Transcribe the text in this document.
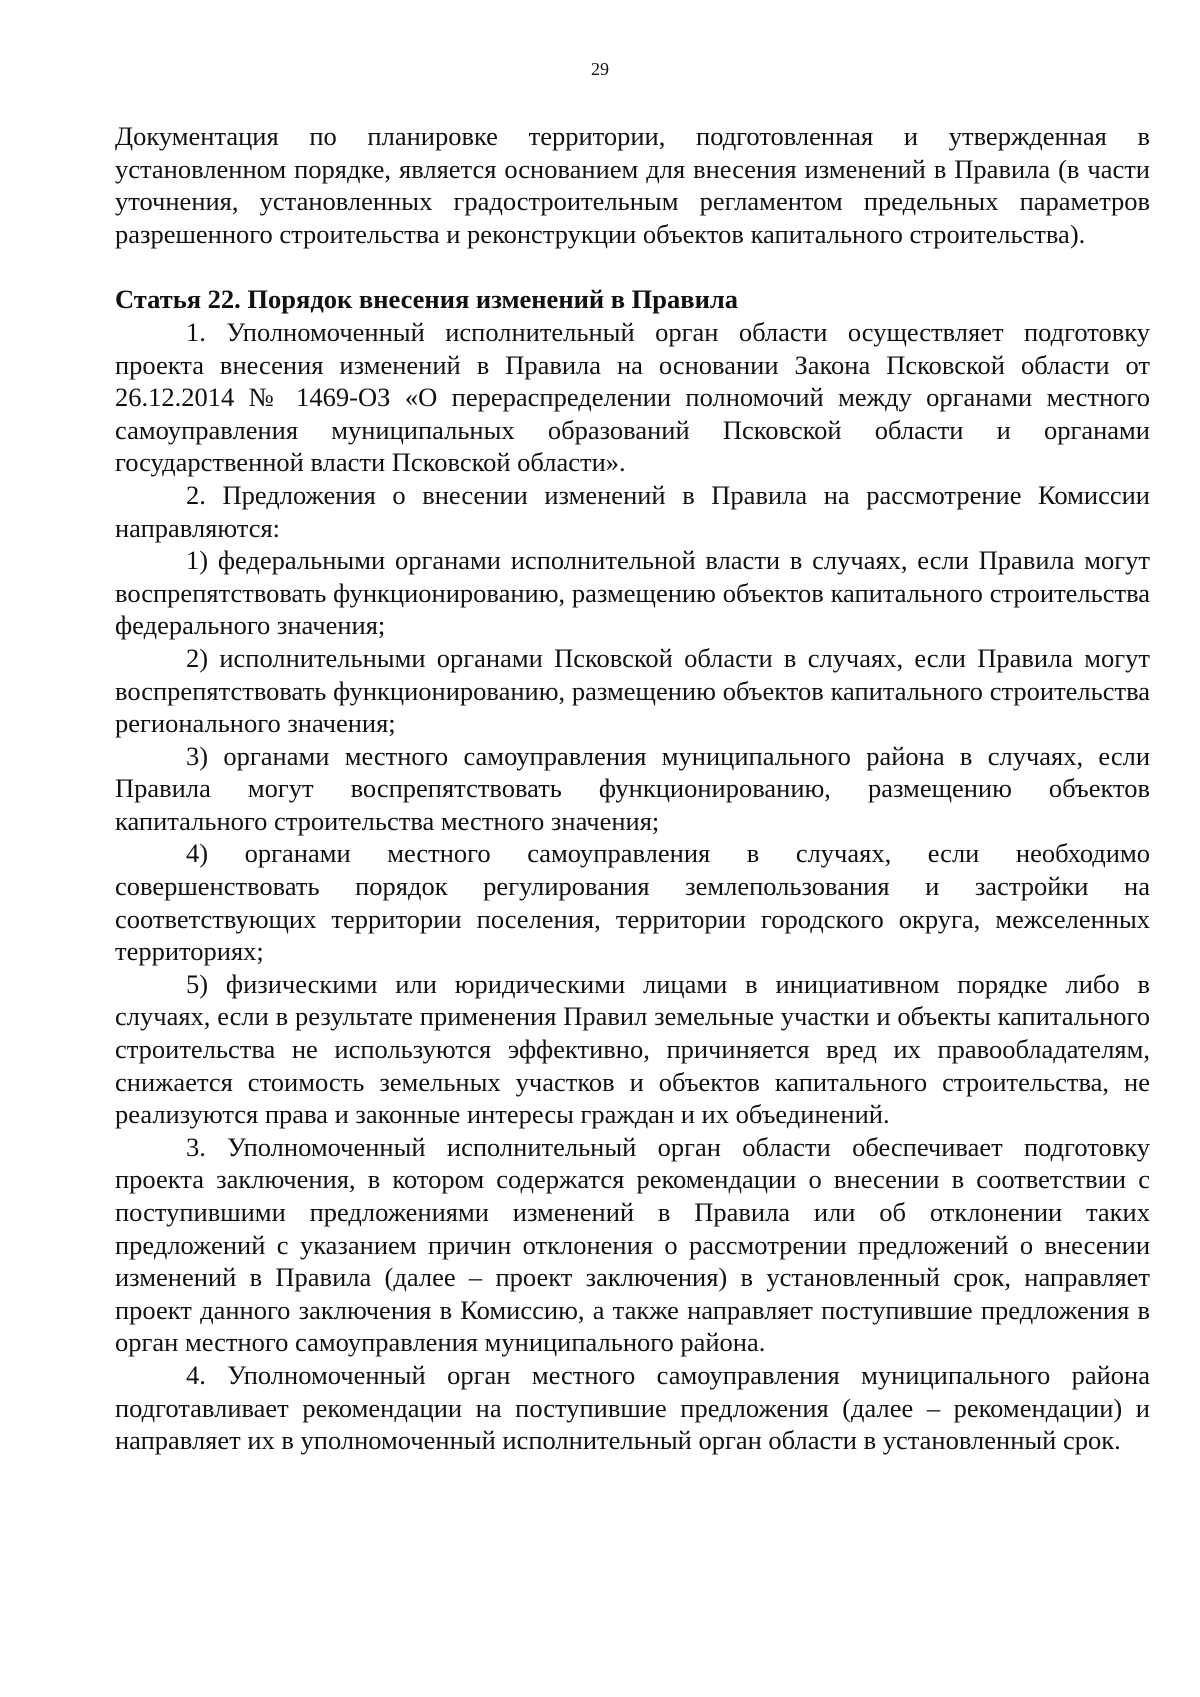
29

Документация по планировке территории, подготовленная и утвержденная в установленном порядке, является основанием для внесения изменений в Правила (в части уточнения, установленных градостроительным регламентом предельных параметров разрешенного строительства и реконструкции объектов капитального строительства).

Статья 22. Порядок внесения изменений в Правила

1. Уполномоченный исполнительный орган области осуществляет подготовку проекта внесения изменений в Правила на основании Закона Псковской области от 26.12.2014 № 1469-ОЗ «О перераспределении полномочий между органами местного самоуправления муниципальных образований Псковской области и органами государственной власти Псковской области».

2. Предложения о внесении изменений в Правила на рассмотрение Комиссии направляются:

1) федеральными органами исполнительной власти в случаях, если Правила могут воспрепятствовать функционированию, размещению объектов капитального строительства федерального значения;

2) исполнительными органами Псковской области в случаях, если Правила могут воспрепятствовать функционированию, размещению объектов капитального строительства регионального значения;

3) органами местного самоуправления муниципального района в случаях, если Правила могут воспрепятствовать функционированию, размещению объектов капитального строительства местного значения;

4) органами местного самоуправления в случаях, если необходимо совершенствовать порядок регулирования землепользования и застройки на соответствующих территории поселения, территории городского округа, межселенных территориях;

5) физическими или юридическими лицами в инициативном порядке либо в случаях, если в результате применения Правил земельные участки и объекты капитального строительства не используются эффективно, причиняется вред их правообладателям, снижается стоимость земельных участков и объектов капитального строительства, не реализуются права и законные интересы граждан и их объединений.

3. Уполномоченный исполнительный орган области обеспечивает подготовку проекта заключения, в котором содержатся рекомендации о внесении в соответствии с поступившими предложениями изменений в Правила или об отклонении таких предложений с указанием причин отклонения о рассмотрении предложений о внесении изменений в Правила (далее – проект заключения) в установленный срок, направляет проект данного заключения в Комиссию, а также направляет поступившие предложения в орган местного самоуправления муниципального района.

4. Уполномоченный орган местного самоуправления муниципального района подготавливает рекомендации на поступившие предложения (далее – рекомендации) и направляет их в уполномоченный исполнительный орган области в установленный срок.
